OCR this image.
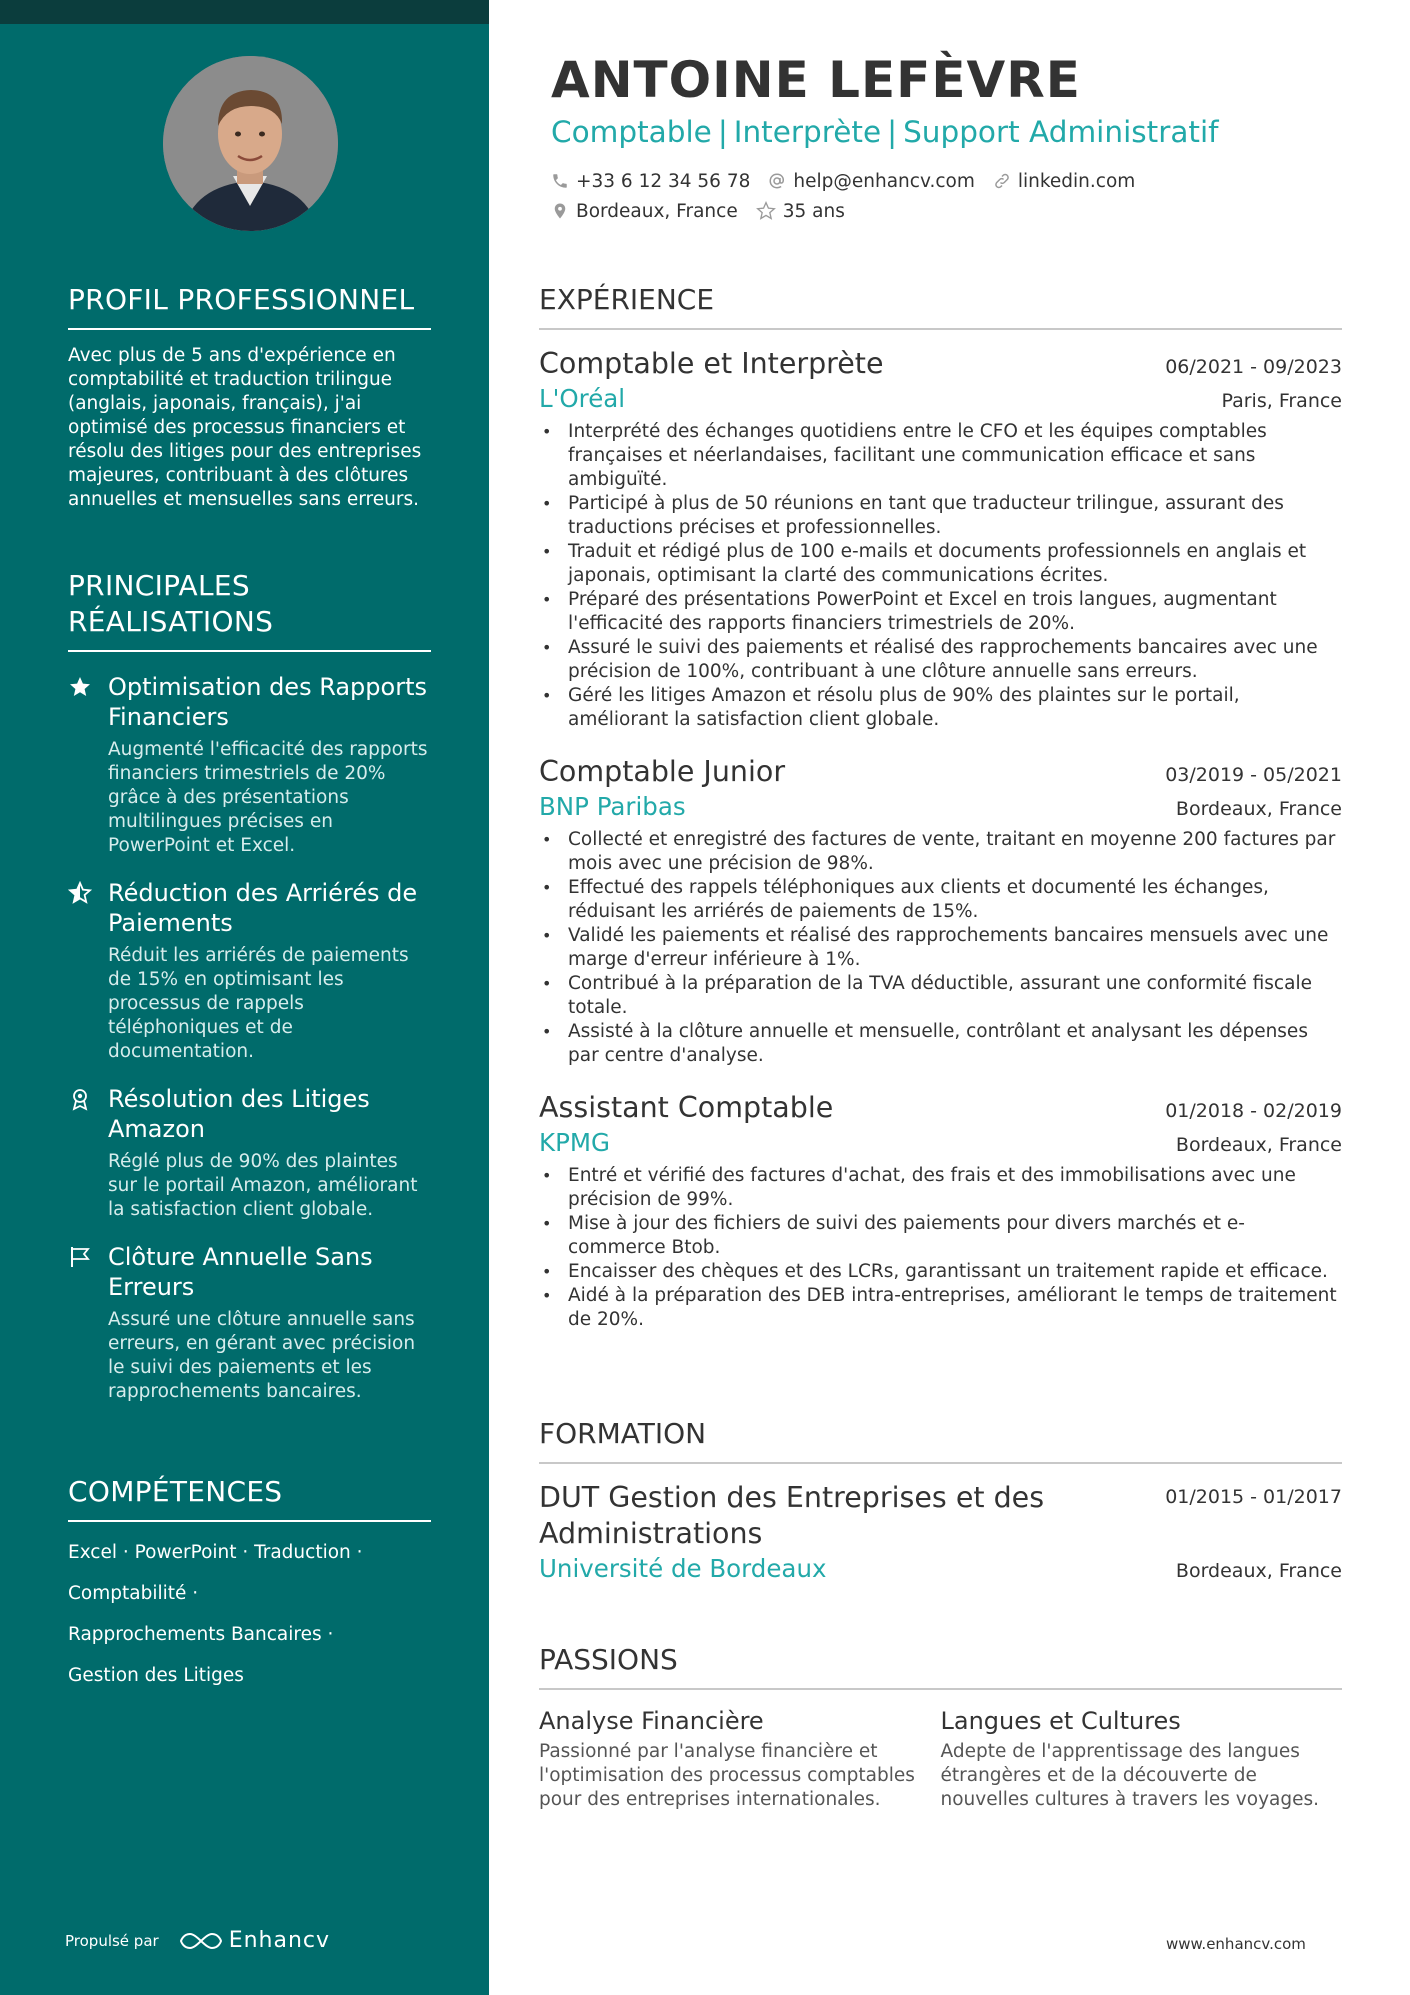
PROFIL PROFESSIONNEL
Avec plus de 5 ans d'expérience en comptabilité et traduction trilingue (anglais, japonais, français), j'ai optimisé des processus financiers et résolu des litiges pour des entreprises majeures, contribuant à des clôtures annuelles et mensuelles sans erreurs.
PRINCIPALES RÉALISATIONS
Optimisation des Rapports Financiers
Augmenté l'efficacité des rapports financiers trimestriels de 20% grâce à des présentations multilingues précises en PowerPoint et Excel.
Réduction des Arriérés de Paiements
Réduit les arriérés de paiements de 15% en optimisant les processus de rappels téléphoniques et de documentation.
Résolution des Litiges Amazon
Réglé plus de 90% des plaintes sur le portail Amazon, améliorant la satisfaction client globale.
Clôture Annuelle Sans Erreurs
Assuré une clôture annuelle sans erreurs, en gérant avec précision le suivi des paiements et les rapprochements bancaires.
COMPÉTENCES
Excel · PowerPoint · Traduction ·
Comptabilité ·
Rapprochements Bancaires ·
Gestion des Litiges
Propulsé par	Enhancv
ANTOINE LEFÈVRE
Comptable | Interprète | Support Administratif
+33 6 12 34 56 78 help@enhancv.com linkedin.com
Bordeaux, France 35 ans
EXPÉRIENCE
Comptable et Interprète	06/2021 - 09/2023
L'Oréal	Paris, France
• Interprété des échanges quotidiens entre le CFO et les équipes comptables françaises et néerlandaises, facilitant une communication efficace et sans ambiguïté.
• Participé à plus de 50 réunions en tant que traducteur trilingue, assurant des traductions précises et professionnelles.
• Traduit et rédigé plus de 100 e-mails et documents professionnels en anglais et japonais, optimisant la clarté des communications écrites.
• Préparé des présentations PowerPoint et Excel en trois langues, augmentant l'efficacité des rapports financiers trimestriels de 20%.
• Assuré le suivi des paiements et réalisé des rapprochements bancaires avec une précision de 100%, contribuant à une clôture annuelle sans erreurs.
• Géré les litiges Amazon et résolu plus de 90% des plaintes sur le portail, améliorant la satisfaction client globale.
Comptable Junior	03/2019 - 05/2021
BNP Paribas	Bordeaux, France
• Collecté et enregistré des factures de vente, traitant en moyenne 200 factures par mois avec une précision de 98%.
• Effectué des rappels téléphoniques aux clients et documenté les échanges, réduisant les arriérés de paiements de 15%.
• Validé les paiements et réalisé des rapprochements bancaires mensuels avec une marge d'erreur inférieure à 1%.
• Contribué à la préparation de la TVA déductible, assurant une conformité fiscale totale.
• Assisté à la clôture annuelle et mensuelle, contrôlant et analysant les dépenses par centre d'analyse.
Assistant Comptable	01/2018 - 02/2019
KPMG	Bordeaux, France
• Entré et vérifié des factures d'achat, des frais et des immobilisations avec une précision de 99%.
• Mise à jour des fichiers de suivi des paiements pour divers marchés et e-commerce Btob.
• Encaisser des chèques et des LCRs, garantissant un traitement rapide et efficace.
• Aidé à la préparation des DEB intra-entreprises, améliorant le temps de traitement de 20%.
FORMATION
DUT Gestion des Entreprises et des Administrations
01/2015 - 01/2017
Université de Bordeaux	Bordeaux, France
PASSIONS
Analyse Financière
Passionné par l'analyse financière et l'optimisation des processus comptables pour des entreprises internationales.
Langues et Cultures
Adepte de l'apprentissage des langues étrangères et de la découverte de nouvelles cultures à travers les voyages.
www.enhancv.com
